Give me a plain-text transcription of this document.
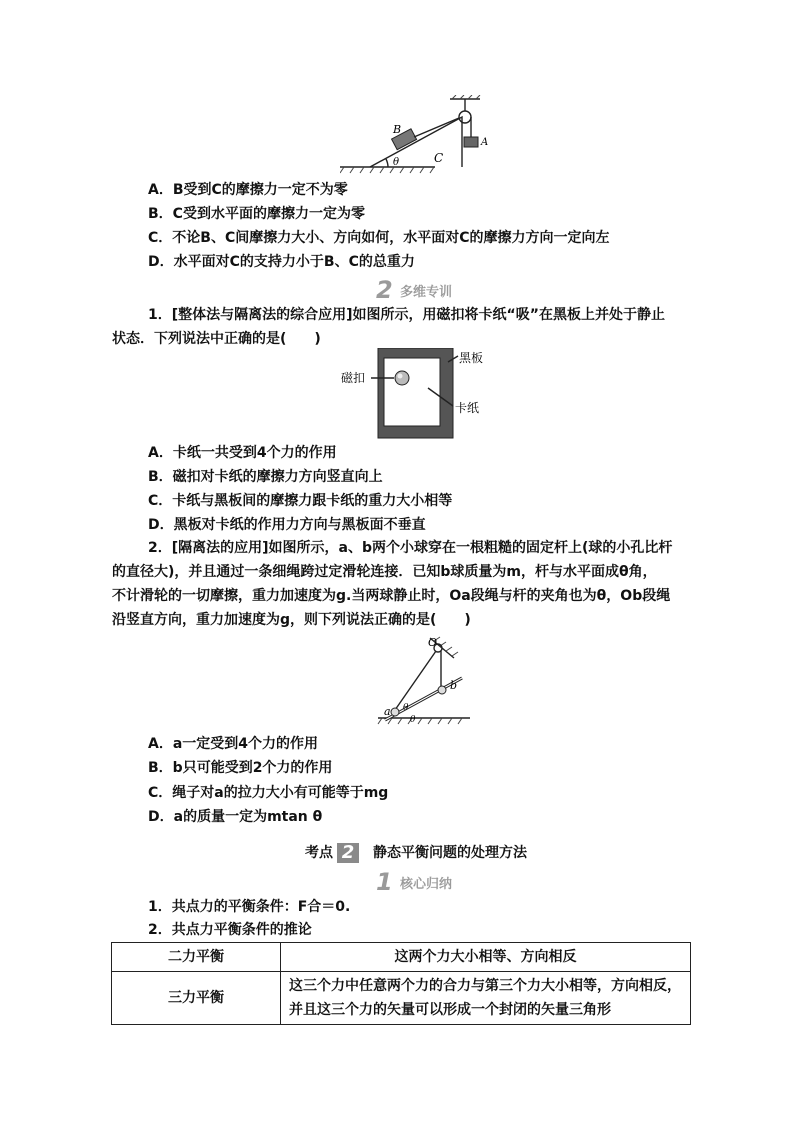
B
θ	C
A
A．B受到C的摩擦力一定不为零
B．C受到水平面的摩擦力一定为零
C．不论B、C间摩擦力大小、方向如何，水平面对C的摩擦力方向一定向左
D．水平面对C的支持力小于B、C的总重力
2 多维专训
1．[整体法与隔离法的综合应用]如图所示，用磁扣将卡纸“吸”在黑板上并处于静止
状态．下列说法中正确的是(　　)
磁扣
黑板
卡纸
A．卡纸一共受到4个力的作用
B．磁扣对卡纸的摩擦力方向竖直向上
C．卡纸与黑板间的摩擦力跟卡纸的重力大小相等
D．黑板对卡纸的作用力方向与黑板面不垂直
2．[隔离法的应用]如图所示，a、b两个小球穿在一根粗糙的固定杆上(球的小孔比杆
的直径大)，并且通过一条细绳跨过定滑轮连接．已知b球质量为m，杆与水平面成θ角，
不计滑轮的一切摩擦，重力加速度为g.当两球静止时，Oa段绳与杆的夹角也为θ，Ob段绳
沿竖直方向，重力加速度为g，则下列说法正确的是(　　)
O
a
b
θ
θ
A．a一定受到4个力的作用
B．b只可能受到2个力的作用
C．绳子对a的拉力大小有可能等于mg
D．a的质量一定为mtan θ
考点 2 静态平衡问题的处理方法
1 核心归纳
1．共点力的平衡条件：F合＝0.
2．共点力平衡条件的推论
二力平衡	这两个力大小相等、方向相反
三力平衡	这三个力中任意两个力的合力与第三个力大小相等，方向相反，并且这三个力的矢量可以形成一个封闭的矢量三角形
